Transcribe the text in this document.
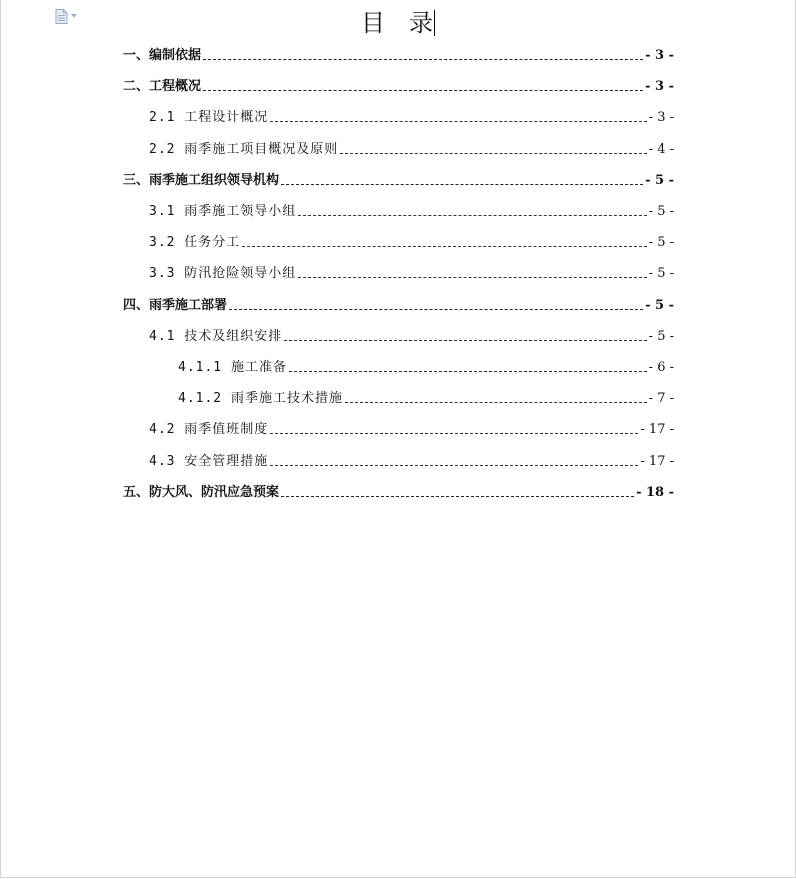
目　录
一、编制依据	- 3 -
二、工程概况	- 3 -
2.1 工程设计概况	- 3 -
2.2 雨季施工项目概况及原则	- 4 -
三、雨季施工组织领导机构	- 5 -
3.1 雨季施工领导小组	- 5 -
3.2 任务分工	- 5 -
3.3 防汛抢险领导小组	- 5 -
四、雨季施工部署	- 5 -
4.1 技术及组织安排	- 5 -
4.1.1 施工准备	- 6 -
4.1.2 雨季施工技术措施	- 7 -
4.2 雨季值班制度	- 17 -
4.3 安全管理措施	- 17 -
五、防大风、防汛应急预案	- 18 -
